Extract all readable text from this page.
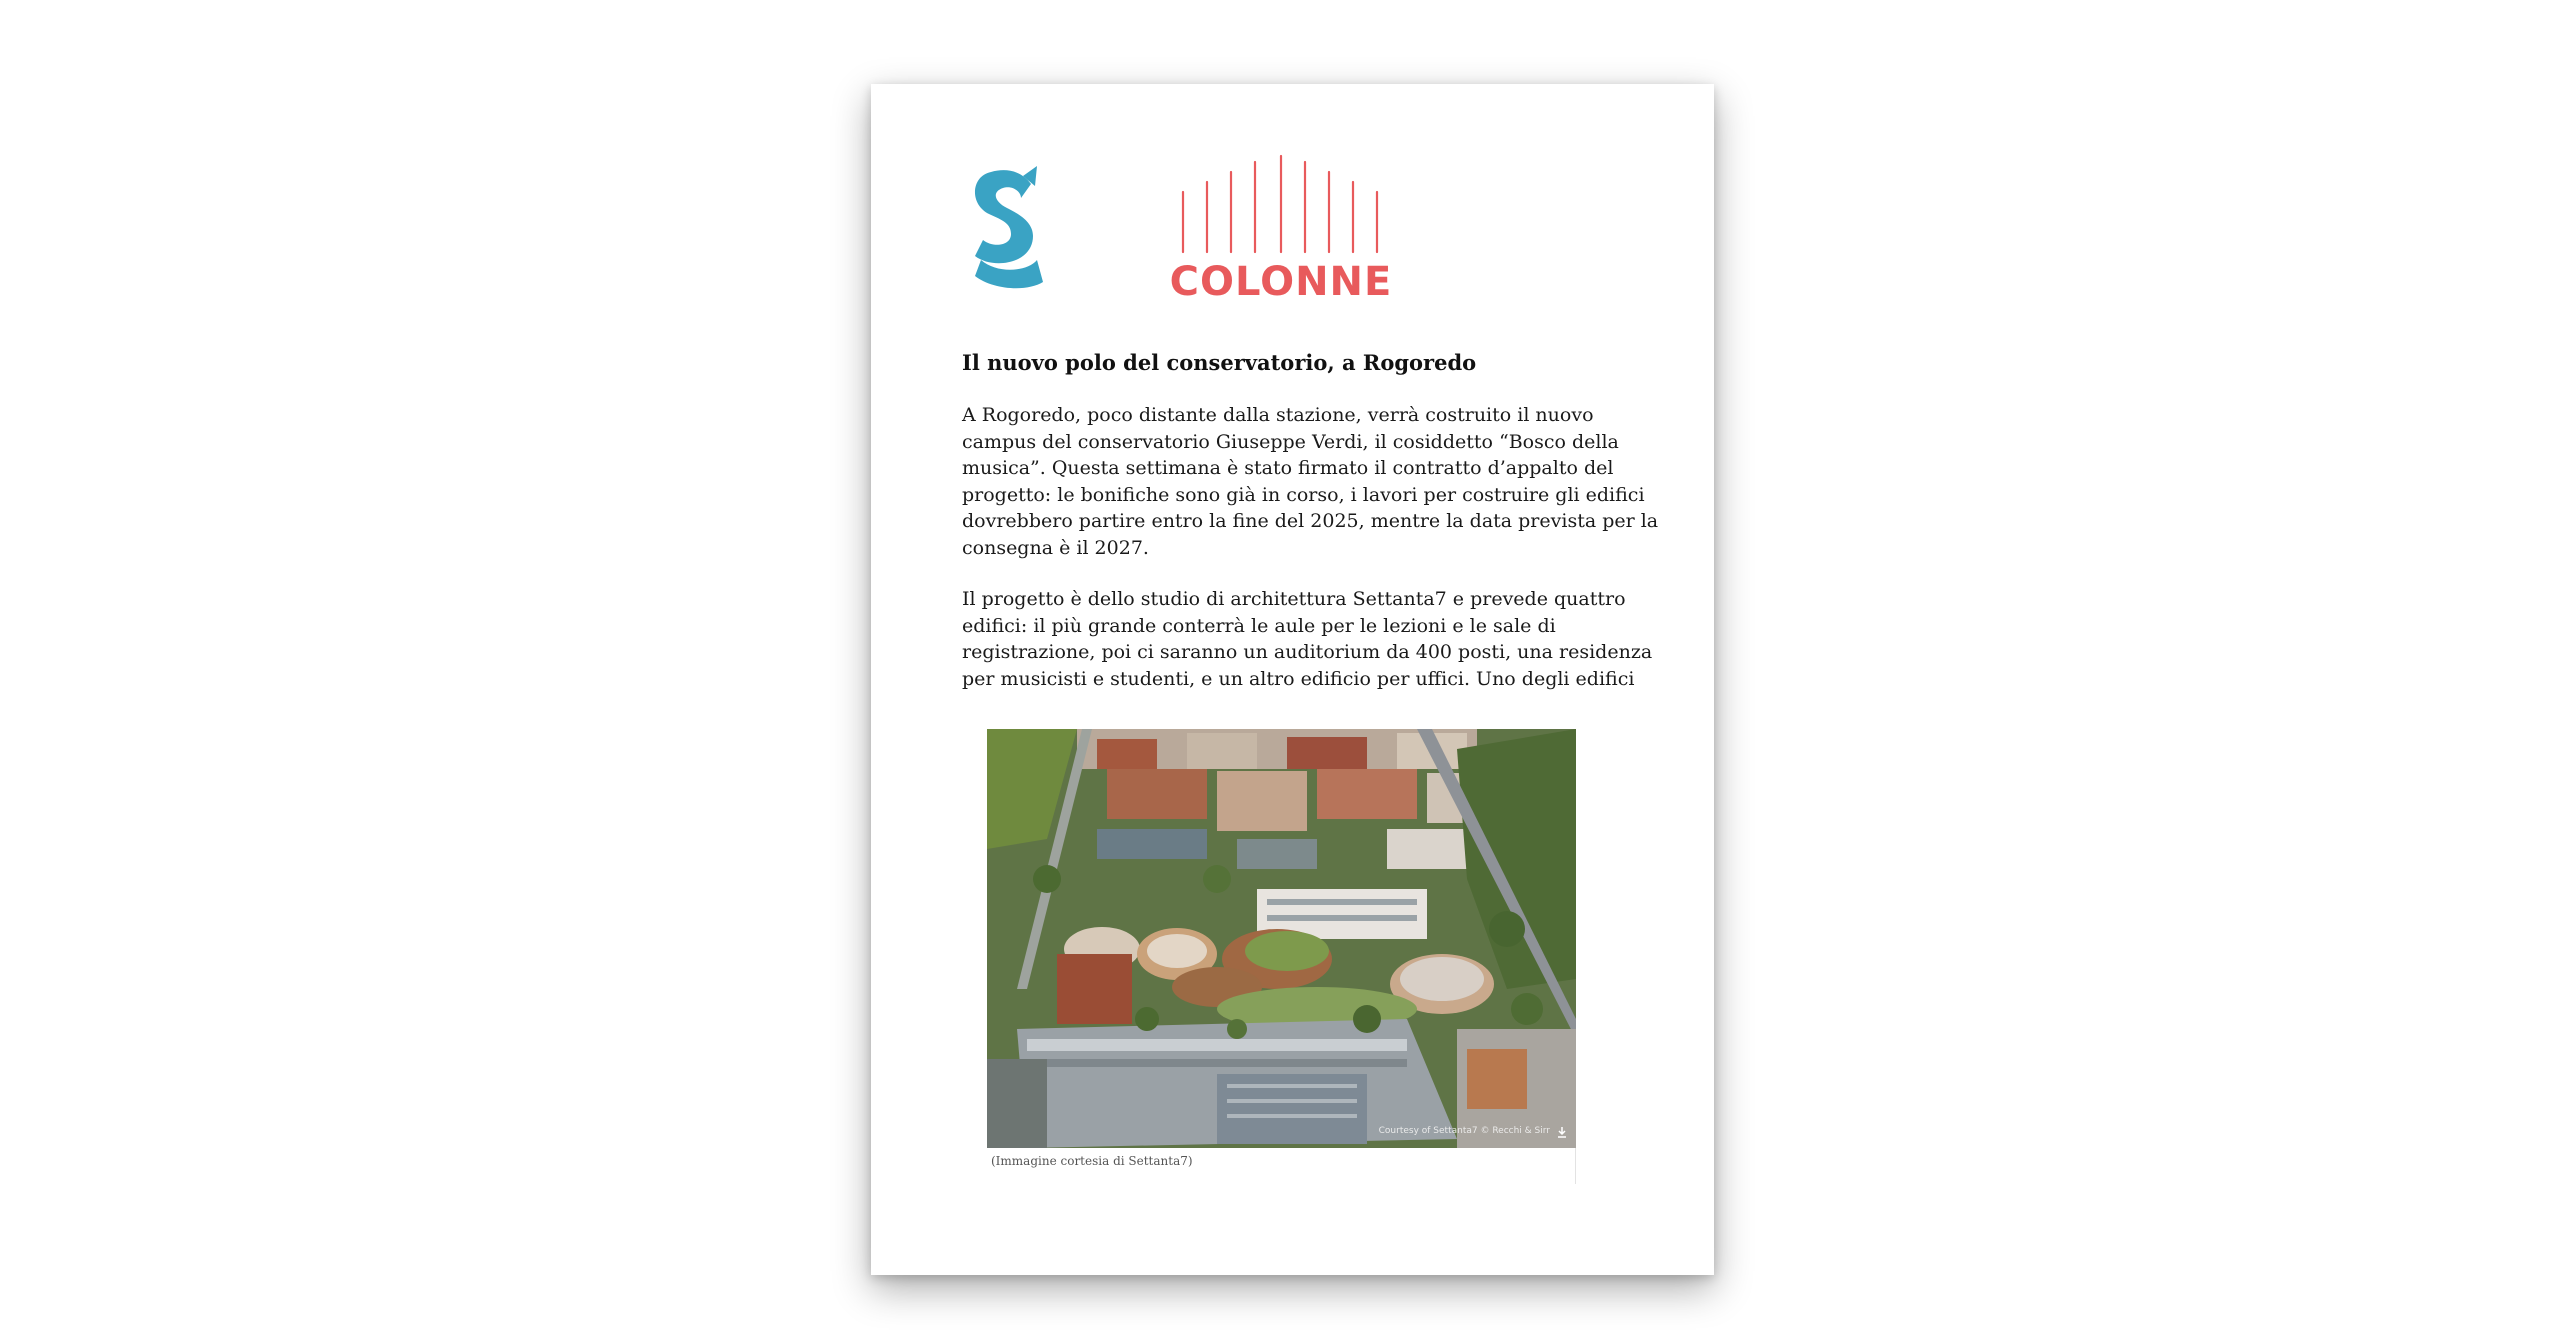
COLONNE
Il nuovo polo del conservatorio, a Rogoredo
A Rogoredo, poco distante dalla stazione, verrà costruito il nuovo
campus del conservatorio Giuseppe Verdi, il cosiddetto “Bosco della
musica”. Questa settimana è stato firmato il contratto d’appalto del
progetto: le bonifiche sono già in corso, i lavori per costruire gli edifici
dovrebbero partire entro la fine del 2025, mentre la data prevista per la
consegna è il 2027.
Il progetto è dello studio di architettura Settanta7 e prevede quattro
edifici: il più grande conterrà le aule per le lezioni e le sale di
registrazione, poi ci saranno un auditorium da 400 posti, una residenza
per musicisti e studenti, e un altro edificio per uffici. Uno degli edifici
Courtesy of Settanta7 © Recchi & Sirr
(Immagine cortesia di Settanta7)
